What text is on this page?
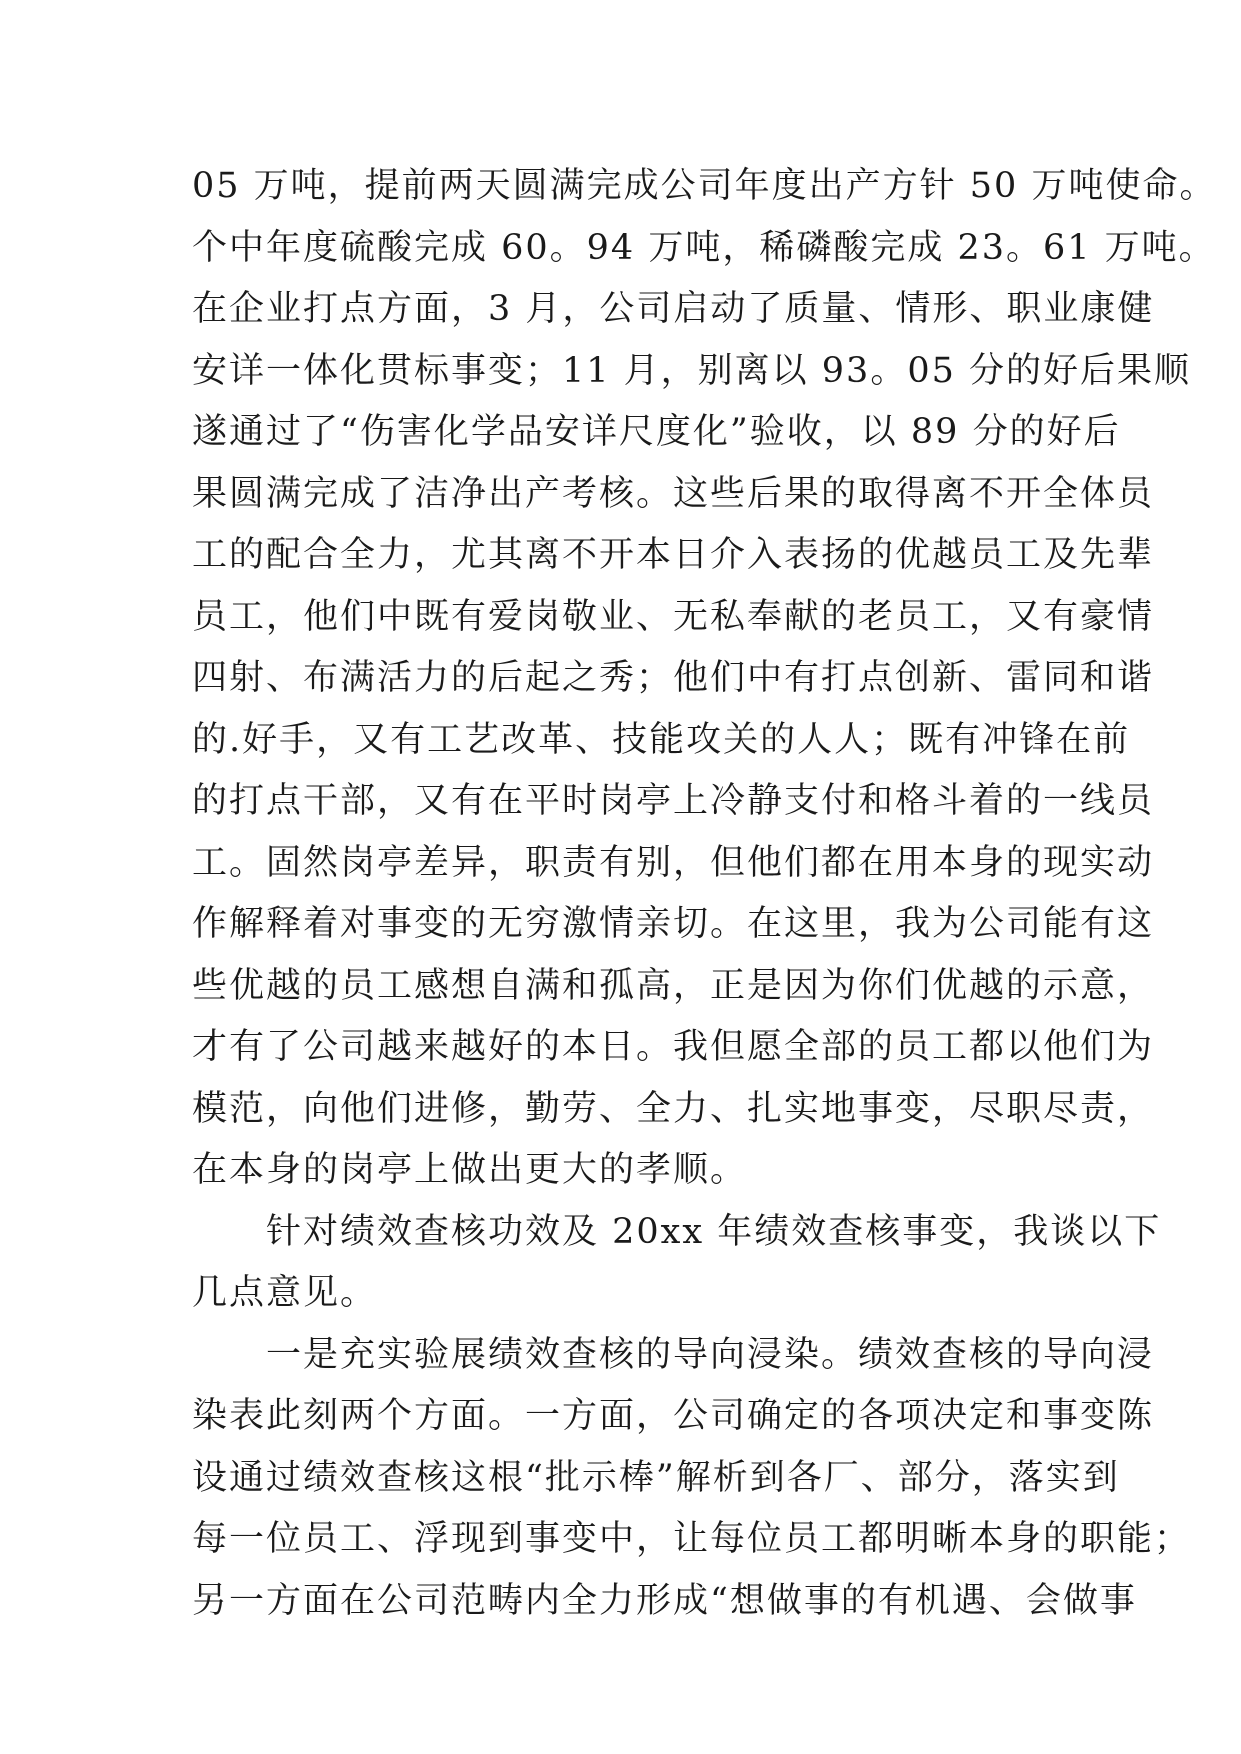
05 万吨，提前两天圆满完成公司年度出产方针 50 万吨使命。
个中年度硫酸完成 60。94 万吨，稀磷酸完成 23。61 万吨。
在企业打点方面，3 月，公司启动了质量、情形、职业康健
安详一体化贯标事变；11 月，别离以 93。05 分的好后果顺
遂通过了“伤害化学品安详尺度化”验收，以 89 分的好后
果圆满完成了洁净出产考核。这些后果的取得离不开全体员
工的配合全力，尤其离不开本日介入表扬的优越员工及先辈
员工，他们中既有爱岗敬业、无私奉献的老员工，又有豪情
四射、布满活力的后起之秀；他们中有打点创新、雷同和谐
的.好手，又有工艺改革、技能攻关的人人；既有冲锋在前
的打点干部，又有在平时岗亭上冷静支付和格斗着的一线员
工。固然岗亭差异，职责有别，但他们都在用本身的现实动
作解释着对事变的无穷激情亲切。在这里，我为公司能有这
些优越的员工感想自满和孤高，正是因为你们优越的示意，
才有了公司越来越好的本日。我但愿全部的员工都以他们为
模范，向他们进修，勤劳、全力、扎实地事变，尽职尽责，
在本身的岗亭上做出更大的孝顺。
　　针对绩效查核功效及 20xx 年绩效查核事变，我谈以下
几点意见。
　　一是充实验展绩效查核的导向浸染。绩效查核的导向浸
染表此刻两个方面。一方面，公司确定的各项决定和事变陈
设通过绩效查核这根“批示棒”解析到各厂、部分，落实到
每一位员工、浮现到事变中，让每位员工都明晰本身的职能；
另一方面在公司范畴内全力形成“想做事的有机遇、会做事
